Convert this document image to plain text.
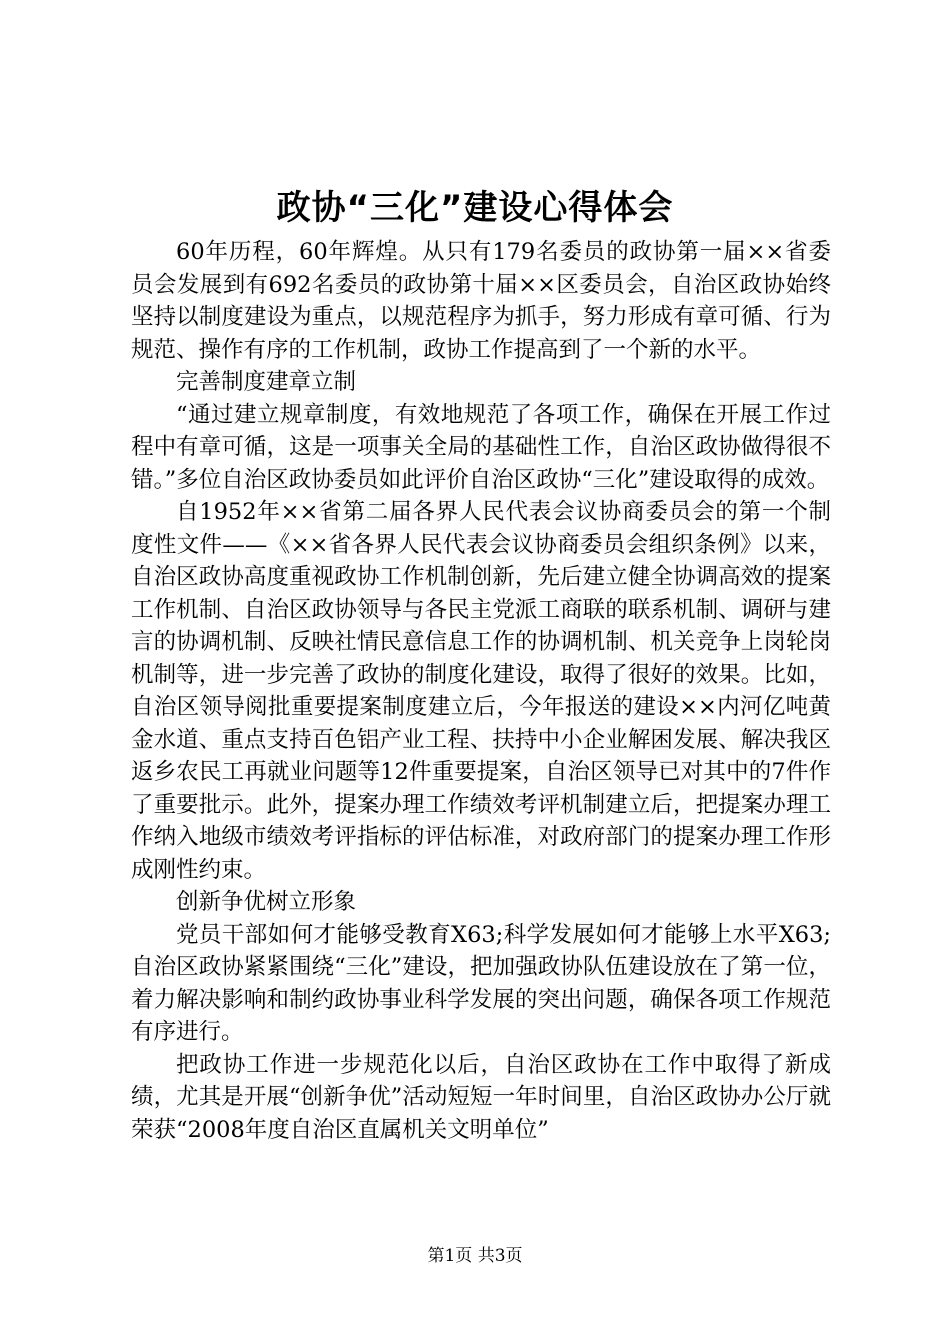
政协“三化”建设心得体会

60年历程，60年辉煌。从只有179名委员的政协第一届××省委员会发展到有692名委员的政协第十届××区委员会，自治区政协始终坚持以制度建设为重点，以规范程序为抓手，努力形成有章可循、行为规范、操作有序的工作机制，政协工作提高到了一个新的水平。

完善制度建章立制

“通过建立规章制度，有效地规范了各项工作，确保在开展工作过程中有章可循，这是一项事关全局的基础性工作，自治区政协做得很不错。”多位自治区政协委员如此评价自治区政协“三化”建设取得的成效。

自1952年××省第二届各界人民代表会议协商委员会的第一个制度性文件——《××省各界人民代表会议协商委员会组织条例》以来，自治区政协高度重视政协工作机制创新，先后建立健全协调高效的提案工作机制、自治区政协领导与各民主党派工商联的联系机制、调研与建言的协调机制、反映社情民意信息工作的协调机制、机关竞争上岗轮岗机制等，进一步完善了政协的制度化建设，取得了很好的效果。比如，自治区领导阅批重要提案制度建立后，今年报送的建设××内河亿吨黄金水道、重点支持百色铝产业工程、扶持中小企业解困发展、解决我区返乡农民工再就业问题等12件重要提案，自治区领导已对其中的7件作了重要批示。此外，提案办理工作绩效考评机制建立后，把提案办理工作纳入地级市绩效考评指标的评估标准，对政府部门的提案办理工作形成刚性约束。

创新争优树立形象

党员干部如何才能够受教育X63;科学发展如何才能够上水平X63;自治区政协紧紧围绕“三化”建设，把加强政协队伍建设放在了第一位，着力解决影响和制约政协事业科学发展的突出问题，确保各项工作规范有序进行。

把政协工作进一步规范化以后，自治区政协在工作中取得了新成绩，尤其是开展“创新争优”活动短短一年时间里，自治区政协办公厅就荣获“2008年度自治区直属机关文明单位”

第1页 共3页
